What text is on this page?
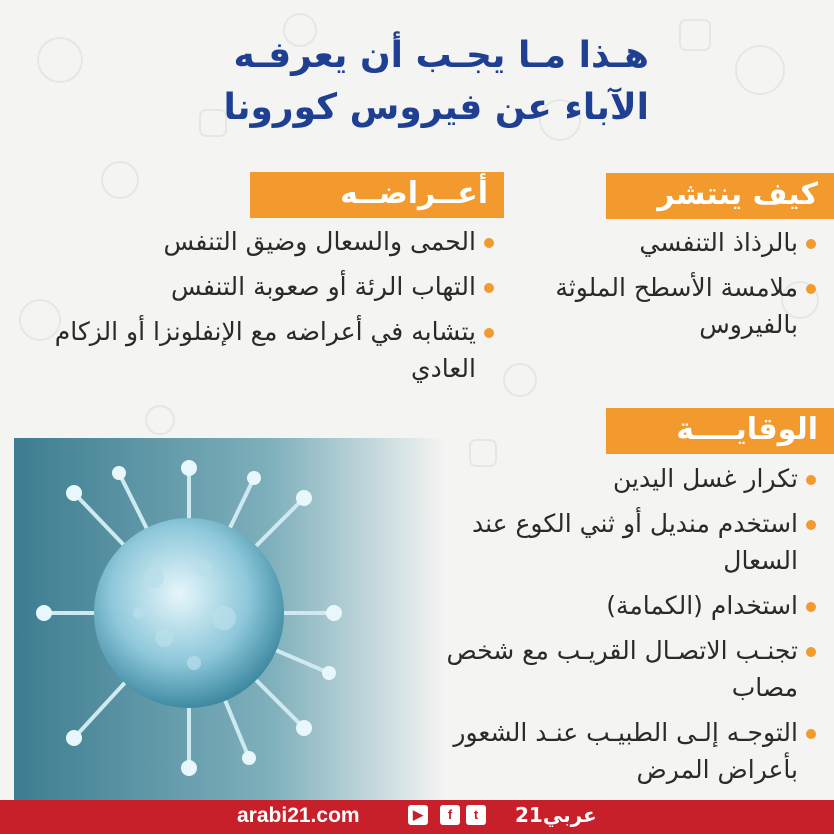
هـذا مـا يجـب أن يعرفـه
الآباء عن فيروس كورونا
كيف ينتشر
أعــراضــه
الوقايــــة
بالرذاذ التنفسي
ملامسة الأسطح الملوثة بالفيروس
الحمى والسعال وضيق التنفس
التهاب الرئة أو صعوبة التنفس
يتشابه في أعراضه مع الإنفلونزا أو الزكام العادي
تكرار غسل اليدين
استخدم منديل أو ثني الكوع عند السعال
استخدام (الكمامة)
تجنـب الاتصـال القريـب مع شخص مصاب
التوجـه إلـى الطبيـب عنـد الشعور بأعراض المرض
arabi21.com	▶	f	t	عربي21
